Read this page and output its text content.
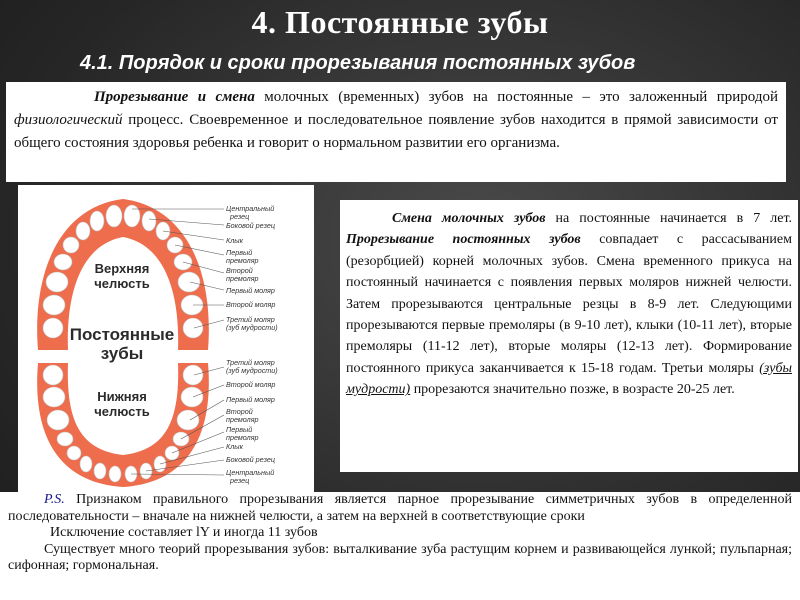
4. Постоянные зубы
4.1. Порядок и сроки прорезывания постоянных зубов

Прорезывание и смена молочных (временных) зубов на постоянные – это заложенный природой физиологический процесс. Своевременное и последовательное появление зубов находится в прямой зависимости от общего состояния здоровья ребенка и говорит о нормальном развитии его организма.

Верхняя
челюсть
Постоянные
зубы
Нижняя
челюсть
Центральный
резец
Боковой резец
Клык
Первый
премоляр
Второй
премоляр
Первый моляр
Второй моляр
Третий моляр
(зуб мудрости)
Третий моляр
(зуб мудрости)
Второй моляр
Первый моляр
Второй
премоляр
Первый
премоляр
Клык
Боковой резец
Центральный
резец

Смена молочных зубов на постоянные начинается в 7 лет. Прорезывание постоянных зубов совпадает с рассасыванием (резорбцией) корней молочных зубов. Смена временного прикуса на постоянный начинается с появления первых моляров нижней челюсти. Затем прорезываются центральные резцы в 8-9 лет. Следующими прорезываются первые премоляры (в 9-10 лет), клыки (10-11 лет), вторые премоляры (11-12 лет), вторые моляры (12-13 лет). Формирование постоянного прикуса заканчивается к 15-18 годам. Третьи моляры (зубы мудрости) прорезаются значительно позже, в возрасте 20-25 лет.

P.S. Признаком правильного прорезывания является парное прорезывание симметричных зубов в определенной последовательности – вначале на нижней челюсти, а затем на верхней в соответствующие сроки

Исключение составляет lY и иногда 11 зубов

Существует много теорий прорезывания зубов: выталкивание зуба растущим корнем и развивающейся лункой; пульпарная; сифонная; гормональная.
